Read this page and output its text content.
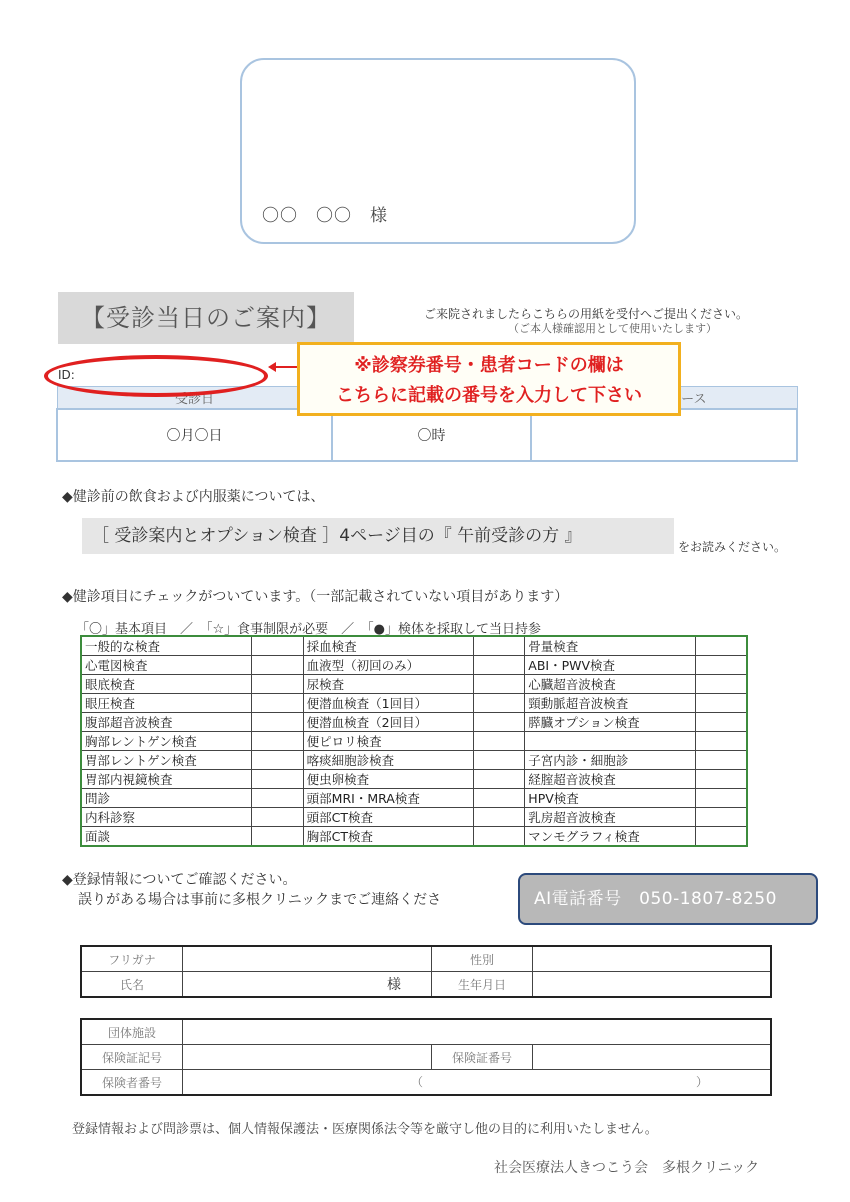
〇〇　〇〇　様
【受診当日のご案内】	ご来院されましたらこちらの用紙を受付へご提出ください。
（ご本人様確認用として使用いたします）
受診日		ース
〇月〇日	〇時	
ID:	※診察券番号・患者コードの欄は
こちらに記載の番号を入力して下さい
◆健診前の飲食および内服薬については、
［ 受診案内とオプション検査 ］4ページ目の『 午前受診の方 』
をお読みください。
◆健診項目にチェックがついています。（一部記載されていない項目があります）
「〇」基本項目　／　「☆」食事制限が必要　／　「●」検体を採取して当日持参
一般的な検査		採血検査		骨量検査	
心電図検査		血液型（初回のみ）		ABI・PWV検査	
眼底検査		尿検査		心臓超音波検査	
眼圧検査		便潜血検査（1回目）		頸動脈超音波検査	
腹部超音波検査		便潜血検査（2回目）		膵臓オプション検査	
胸部レントゲン検査		便ピロリ検査			
胃部レントゲン検査		喀痰細胞診検査		子宮内診・細胞診	
胃部内視鏡検査		便虫卵検査		経腟超音波検査	
問診		頭部MRI・MRA検査		HPV検査	
内科診察		頭部CT検査		乳房超音波検査	
面談		胸部CT検査		マンモグラフィ検査	
◆登録情報についてご確認ください。
誤りがある場合は事前に多根クリニックまでご連絡くださ	AI電話番号　050-1807-8250
フリガナ		性別	
氏名	様	生年月日	
団体施設			
保険証記号		保険証番号	
保険者番号	（ ）		
登録情報および問診票は、個人情報保護法・医療関係法令等を厳守し他の目的に利用いたしません。
社会医療法人きつこう会　多根クリニック
